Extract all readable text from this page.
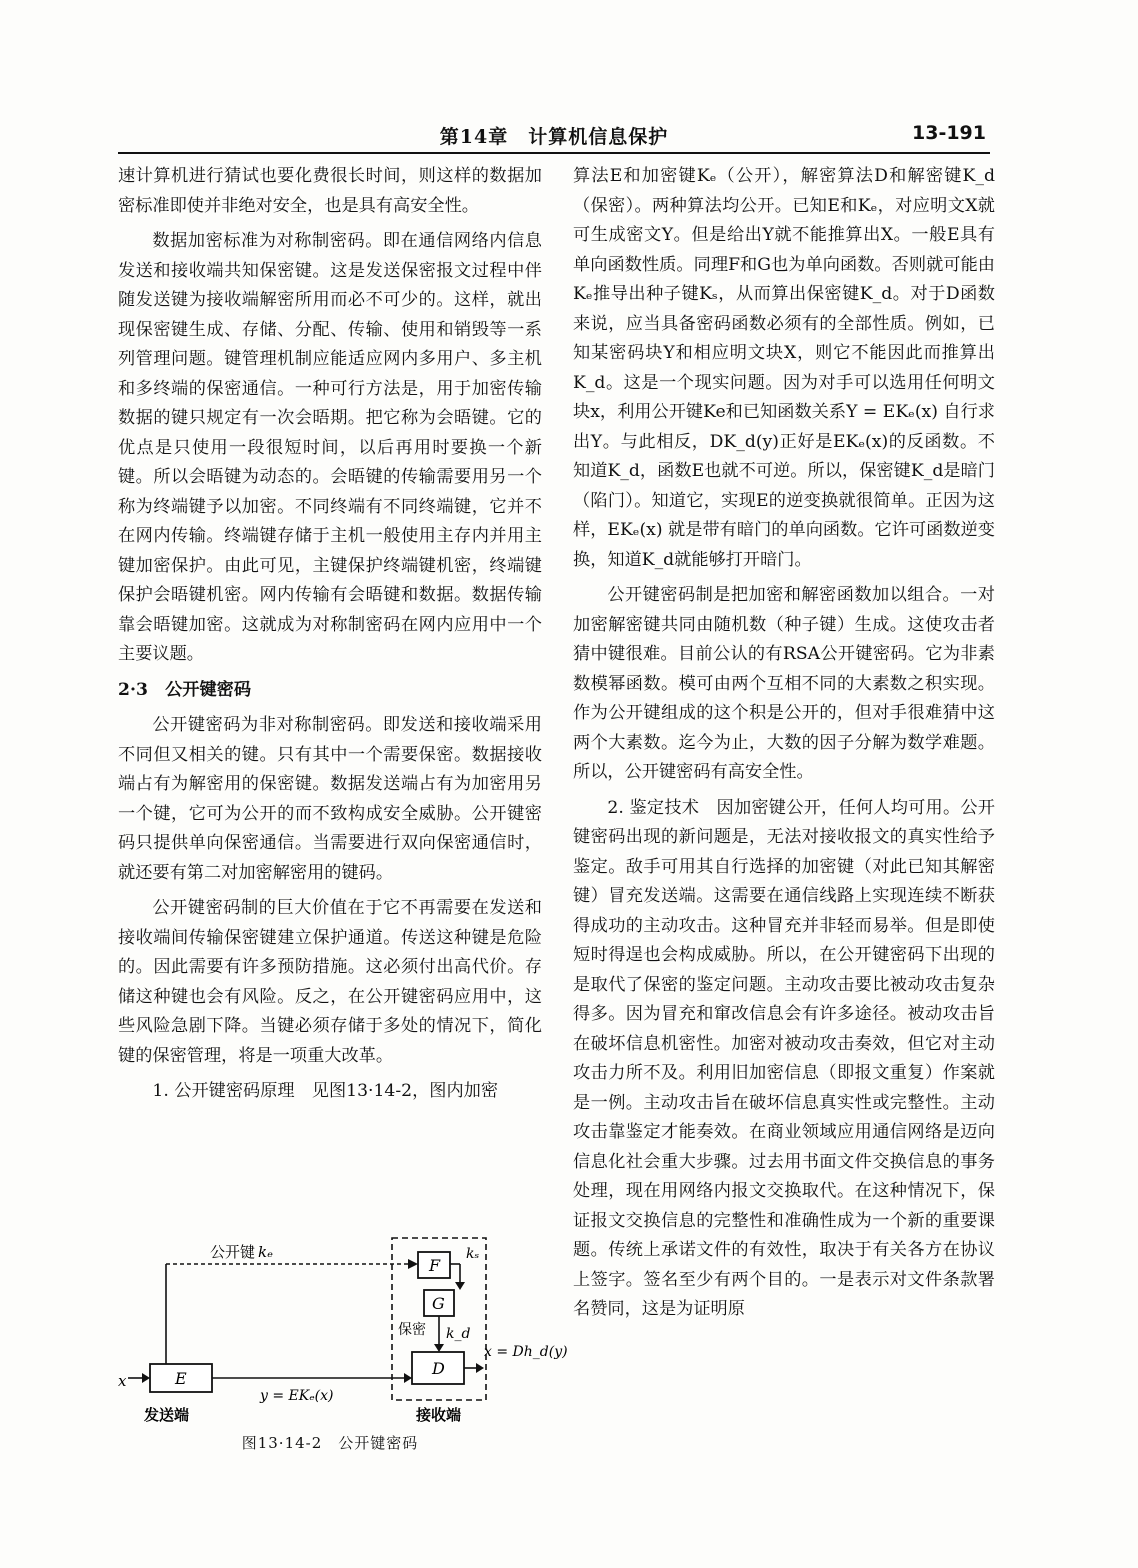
第14章　计算机信息保护	13-191

速计算机进行猜试也要化费很长时间，则这样的数据加密标准即使并非绝对安全，也是具有高安全性。

数据加密标准为对称制密码。即在通信网络内信息发送和接收端共知保密键。这是发送保密报文过程中伴随发送键为接收端解密所用而必不可少的。这样，就出现保密键生成、存储、分配、传输、使用和销毁等一系列管理问题。键管理机制应能适应网内多用户、多主机和多终端的保密通信。一种可行方法是，用于加密传输数据的键只规定有一次会晤期。把它称为会晤键。它的优点是只使用一段很短时间，以后再用时要换一个新键。所以会晤键为动态的。会晤键的传输需要用另一个称为终端键予以加密。不同终端有不同终端键，它并不在网内传输。终端键存储于主机一般使用主存内并用主键加密保护。由此可见，主键保护终端键机密，终端键保护会晤键机密。网内传输有会晤键和数据。数据传输靠会晤键加密。这就成为对称制密码在网内应用中一个主要议题。

2·3　公开键密码

公开键密码为非对称制密码。即发送和接收端采用不同但又相关的键。只有其中一个需要保密。数据接收端占有为解密用的保密键。数据发送端占有为加密用另一个键，它可为公开的而不致构成安全威胁。公开键密码只提供单向保密通信。当需要进行双向保密通信时，就还要有第二对加密解密用的键码。

公开键密码制的巨大价值在于它不再需要在发送和接收端间传输保密键建立保护通道。传送这种键是危险的。因此需要有许多预防措施。这必须付出高代价。存储这种键也会有风险。反之，在公开键密码应用中，这些风险急剧下降。当键必须存储于多处的情况下，简化键的保密管理，将是一项重大改革。

1. 公开键密码原理　见图13·14-2，图内加密

公开键 kₑ
F
kₛ
G
k_d
保密
x	E
y = EKₑ(x)
D
x = Dh_d(y)
发送端	接收端
图13·14-2　公开键密码

算法E和加密键Kₑ（公开），解密算法D和解密键K_d（保密）。两种算法均公开。已知E和Kₑ，对应明文X就可生成密文Y。但是给出Y就不能推算出X。一般E具有单向函数性质。同理F和G也为单向函数。否则就可能由Kₑ推导出种子键Kₛ，从而算出保密键K_d。对于D函数来说，应当具备密码函数必须有的全部性质。例如，已知某密码块Y和相应明文块X，则它不能因此而推算出K_d。这是一个现实问题。因为对手可以选用任何明文块x，利用公开键Ke和已知函数关系Y = EKₑ(x) 自行求出Y。与此相反，DK_d(y)正好是EKₑ(x)的反函数。不知道K_d，函数E也就不可逆。所以，保密键K_d是暗门（陷门）。知道它，实现E的逆变换就很简单。正因为这样，EKₑ(x) 就是带有暗门的单向函数。它许可函数逆变换，知道K_d就能够打开暗门。

公开键密码制是把加密和解密函数加以组合。一对加密解密键共同由随机数（种子键）生成。这使攻击者猜中键很难。目前公认的有RSA公开键密码。它为非素数模幂函数。模可由两个互相不同的大素数之积实现。作为公开键组成的这个积是公开的，但对手很难猜中这两个大素数。迄今为止，大数的因子分解为数学难题。所以，公开键密码有高安全性。

2. 鉴定技术　因加密键公开，任何人均可用。公开键密码出现的新问题是，无法对接收报文的真实性给予鉴定。敌手可用其自行选择的加密键（对此已知其解密键）冒充发送端。这需要在通信线路上实现连续不断获得成功的主动攻击。这种冒充并非轻而易举。但是即使短时得逞也会构成威胁。所以，在公开键密码下出现的是取代了保密的鉴定问题。主动攻击要比被动攻击复杂得多。因为冒充和窜改信息会有许多途径。被动攻击旨在破坏信息机密性。加密对被动攻击奏效，但它对主动攻击力所不及。利用旧加密信息（即报文重复）作案就是一例。主动攻击旨在破坏信息真实性或完整性。主动攻击靠鉴定才能奏效。在商业领域应用通信网络是迈向信息化社会重大步骤。过去用书面文件交换信息的事务处理，现在用网络内报文交换取代。在这种情况下，保证报文交换信息的完整性和准确性成为一个新的重要课题。传统上承诺文件的有效性，取决于有关各方在协议上签字。签名至少有两个目的。一是表示对文件条款署名赞同，这是为证明原
